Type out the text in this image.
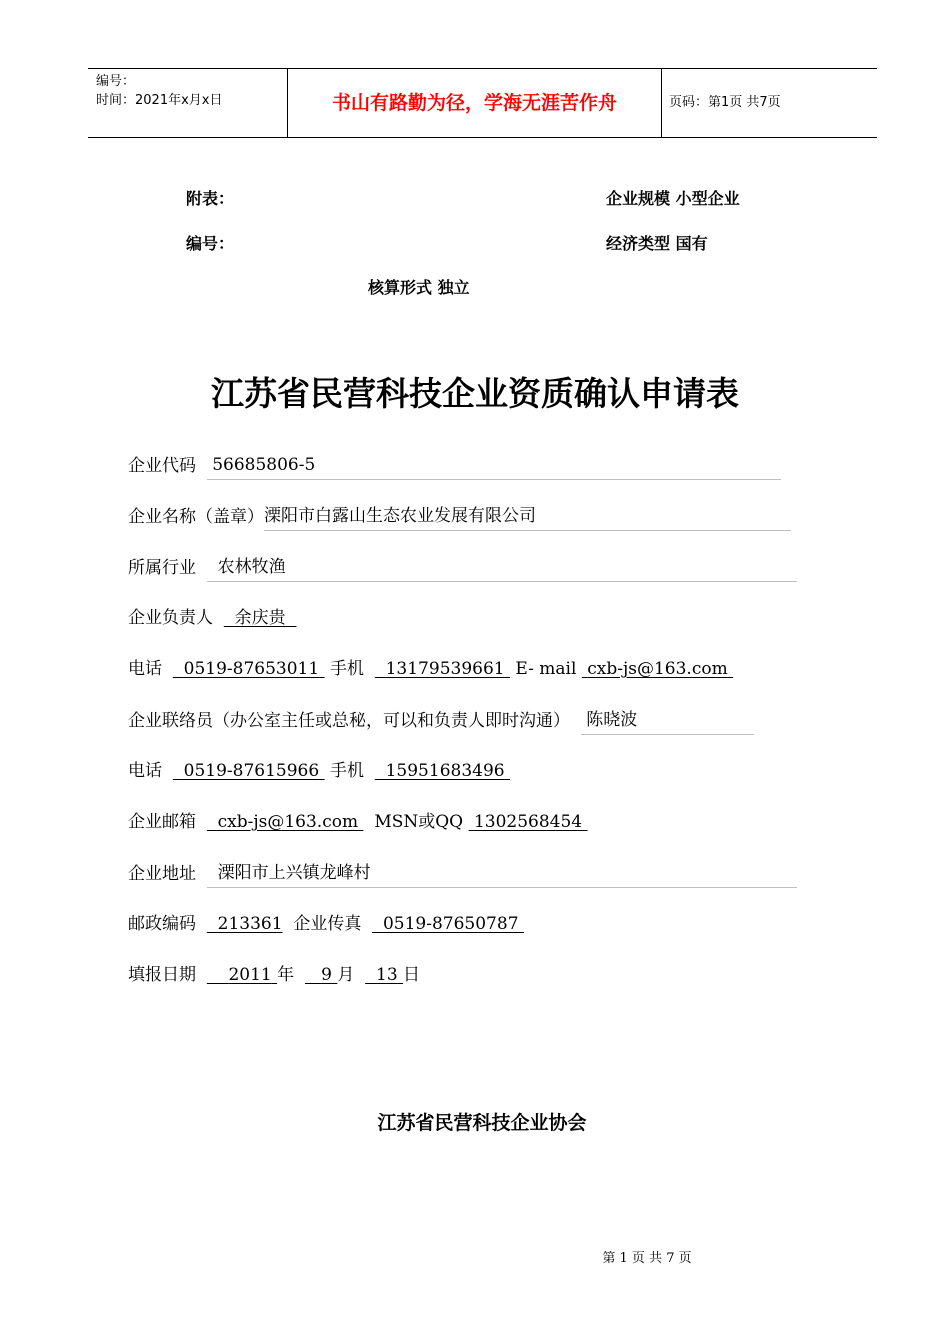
编号：
时间：2021年x月x日	书山有路勤为径，学海无涯苦作舟	页码：第1页 共7页
附表：	企业规模 小型企业
编号：	经济类型 国有
核算形式 独立
江苏省民营科技企业资质确认申请表
企业代码 56685806-5
企业名称（盖章）溧阳市白露山生态农业发展有限公司
所属行业 农林牧渔
企业负责人 余庆贵
电话 0519-87653011 手机 13179539661 E- mail cxb-js@163.com
企业联络员（办公室主任或总秘，可以和负责人即时沟通） 陈晓波
电话 0519-87615966 手机 15951683496
企业邮箱 cxb-js@163.com MSN或QQ 1302568454
企业地址 溧阳市上兴镇龙峰村
邮政编码 213361 企业传真 0519-87650787
填报日期 2011 年 9 月 13 日
江苏省民营科技企业协会
第 1 页 共 7 页
